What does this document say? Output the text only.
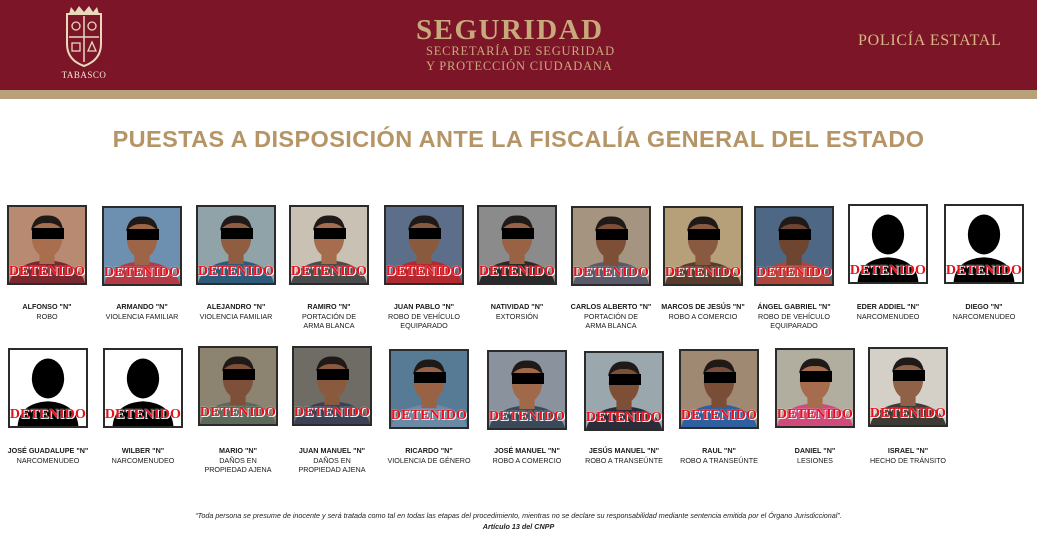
TABASCO
SEGURIDAD
SECRETARÍA DE SEGURIDAD
Y PROTECCIÓN CIUDADANA
POLICÍA ESTATAL
PUESTAS A DISPOSICIÓN ANTE LA FISCALÍA GENERAL DEL ESTADO
DETENIDO
ALFONSO "N"
ROBO
DETENIDO
ARMANDO "N"
VIOLENCIA FAMILIAR
DETENIDO
ALEJANDRO "N"
VIOLENCIA FAMILIAR
DETENIDO
RAMIRO "N"
PORTACIÓN DE
ARMA BLANCA
DETENIDO
JUAN PABLO "N"
ROBO DE VEHÍCULO
EQUIPARADO
DETENIDO
NATIVIDAD "N"
EXTORSIÓN
DETENIDO
CARLOS ALBERTO "N"
PORTACIÓN DE
ARMA BLANCA
DETENIDO
MARCOS DE JESÚS "N"
ROBO A COMERCIO
DETENIDO
ÁNGEL GABRIEL "N"
ROBO DE VEHÍCULO
EQUIPARADO
DETENIDO
EDER ADDIEL "N"
NARCOMENUDEO
DETENIDO
DIEGO "N"
NARCOMENUDEO
DETENIDO
JOSÉ GUADALUPE "N"
NARCOMENUDEO
DETENIDO
WILBER "N"
NARCOMENUDEO
DETENIDO
MARIO "N"
DAÑOS EN
PROPIEDAD AJENA
DETENIDO
JUAN MANUEL "N"
DAÑOS EN
PROPIEDAD AJENA
DETENIDO
RICARDO "N"
VIOLENCIA DE GÉNERO
DETENIDO
JOSÉ MANUEL "N"
ROBO A COMERCIO
DETENIDO
JESÚS MANUEL "N"
ROBO A TRANSEÚNTE
DETENIDO
RAUL "N"
ROBO A TRANSEÚNTE
DETENIDO
DANIEL "N"
LESIONES
DETENIDO
ISRAEL "N"
HECHO DE TRÁNSITO
“Toda persona se presume de inocente y será tratada como tal en todas las etapas del procedimiento, mientras no se declare su responsabilidad mediante sentencia emitida por el Órgano Jurisdiccional”.
Artículo 13 del CNPP
